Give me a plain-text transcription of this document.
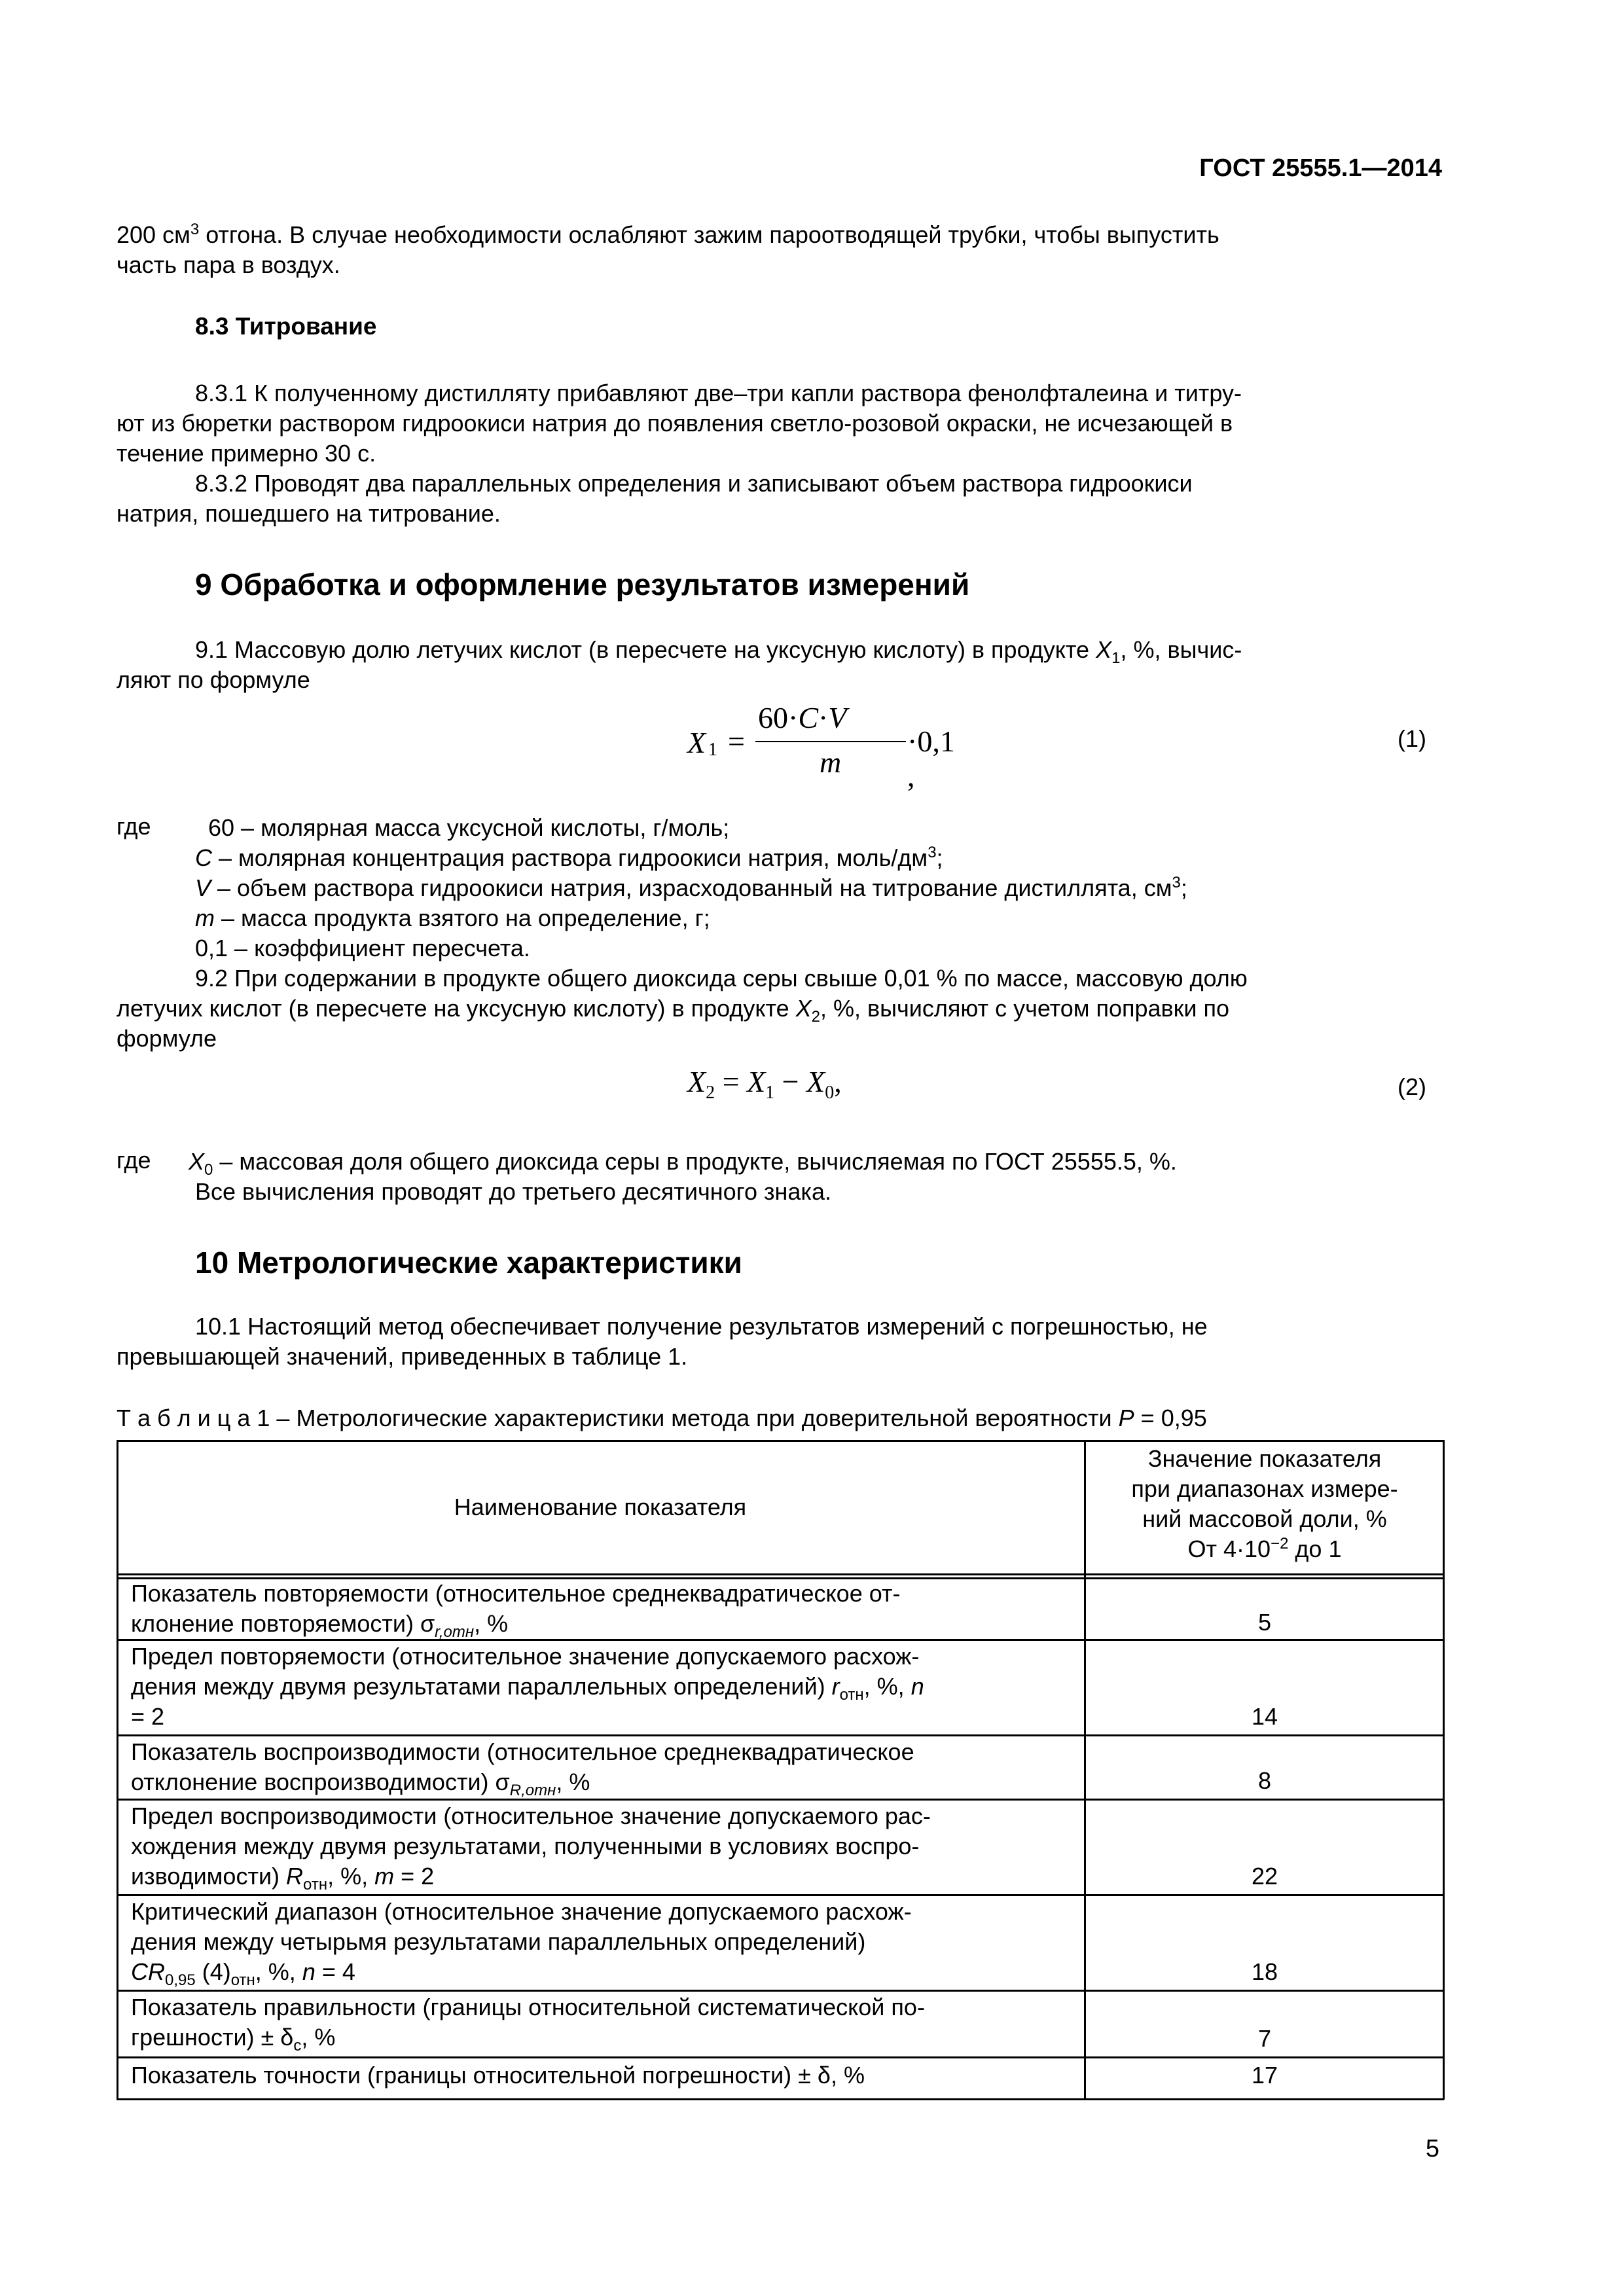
ГОСТ 25555.1—2014
200 $см^3$ отгона. В случае необходимости ослабляют зажим пароотводящей трубки, чтобы выпустить
часть пара в воздух.
8.3 Титрование
8.3.1 К полученному дистилляту прибавляют две–три капли раствора фенолфталеина и титру-
ют из бюретки раствором гидроокиси натрия до появления светло-розовой окраски, не исчезающей в
течение примерно 30 с.
8.3.2 Проводят два параллельных определения и записывают объем раствора гидроокиси
натрия, пошедшего на титрование.
9 Обработка и оформление результатов измерений
9.1 Массовую долю летучих кислот (в пересчете на уксусную кислоту) в продукте $X_1$, %, вычис-
ляют по формуле
X 1 =
60·C·V
m
·0,1 ,
(1)
где 60 – молярная масса уксусной кислоты, г/моль;
C – молярная концентрация раствора гидроокиси натрия, моль/$дм^3$;
V – объем раствора гидроокиси натрия, израсходованный на титрование дистиллята, $см^3$;
m – масса продукта взятого на определение, г;
0,1 – коэффициент пересчета.
9.2 При содержании в продукте общего диоксида серы свыше 0,01 % по массе, массовую долю
летучих кислот (в пересчете на уксусную кислоту) в продукте $X_2$, %, вычисляют с учетом поправки по
формуле
$X_2 = X_1 - X_0$,	(2)
где $X_0$ – массовая доля общего диоксида серы в продукте, вычисляемая по ГОСТ 25555.5, %.
Все вычисления проводят до третьего десятичного знака.
10 Метрологические характеристики
10.1 Настоящий метод обеспечивает получение результатов измерений с погрешностью, не
превышающей значений, приведенных в таблице 1.
Т а б л и ц а 1 – Метрологические характеристики метода при доверительной вероятности P = 0,95
Наименование показателя
Значение показателя
при диапазонах измере-
ний массовой доли, %
От $4\cdot 10^{-2}$ до 1
Показатель повторяемости (относительное среднеквадратическое от-
клонение повторяемости) $\sigma_{r,отн}$, %	5
Предел повторяемости (относительное значение допускаемого расхож-
дения между двумя результатами параллельных определений) $r_{отн}$, %, n
= 2	14
Показатель воспроизводимости (относительное среднеквадратическое
отклонение воспроизводимости) $\sigma_{R,отн}$, %	8
Предел воспроизводимости (относительное значение допускаемого рас-
хождения между двумя результатами, полученными в условиях воспро-
изводимости) $R_{отн}$, %, m = 2	22
Критический диапазон (относительное значение допускаемого расхож-
дения между четырьмя результатами параллельных определений)
$CR_{0,95}$ $(4)_{отн}$, %, n = 4	18
Показатель правильности (границы относительной систематической по-
грешности) ± $\delta_c$, %	7
Показатель точности (границы относительной погрешности) ± δ, %	17
5
